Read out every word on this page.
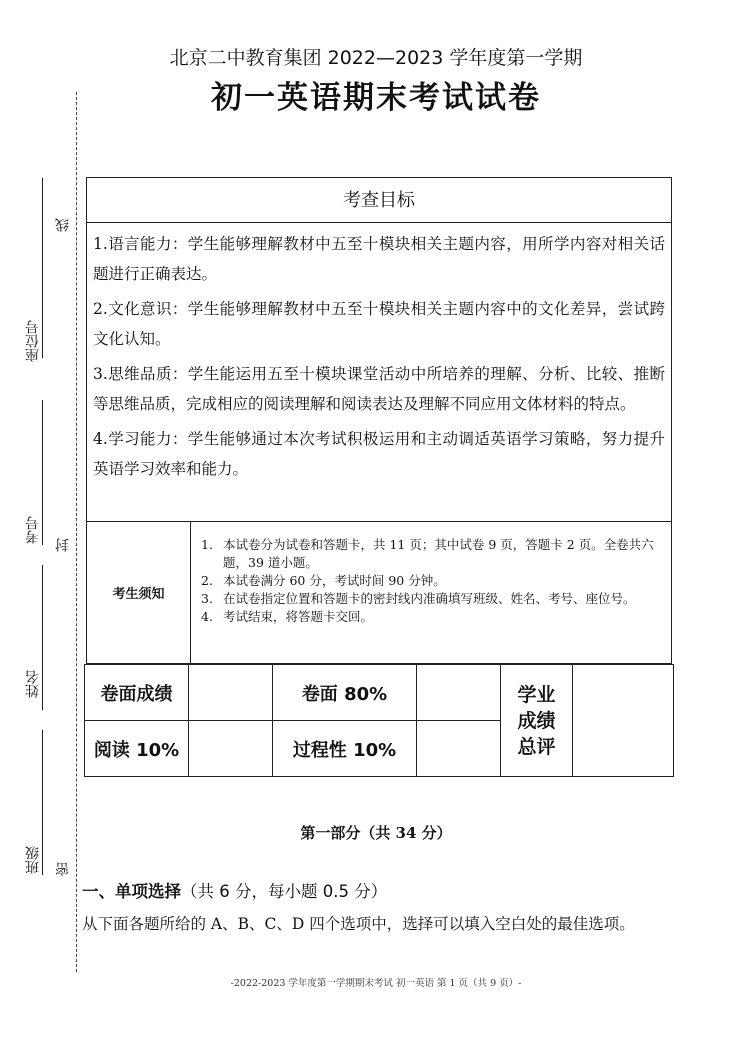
座位号
考号
姓名
班级
线
封
密
北京二中教育集团 2022—2023 学年度第一学期
初一英语期末考试试卷
考查目标
1.语言能力：学生能够理解教材中五至十模块相关主题内容，用所学内容对相关话题进行正确表达。
2.文化意识：学生能够理解教材中五至十模块相关主题内容中的文化差异，尝试跨文化认知。
3.思维品质：学生能运用五至十模块课堂活动中所培养的理解、分析、比较、推断等思维品质，完成相应的阅读理解和阅读表达及理解不同应用文体材料的特点。
4.学习能力：学生能够通过本次考试积极运用和主动调适英语学习策略，努力提升英语学习效率和能力。
考生须知
1. 本试卷分为试卷和答题卡，共 11 页；其中试卷 9 页，答题卡 2 页。全卷共六题，39 道小题。
2. 本试卷满分 60 分，考试时间 90 分钟。
3. 在试卷指定位置和答题卡的密封线内准确填写班级、姓名、考号、座位号。
4. 考试结束，将答题卡交回。
卷面成绩		卷面 80%		学业
成绩
总评	

阅读 10%		过程性 10%			
第一部分（共 34 分）
一、单项选择（共 6 分，每小题 0.5 分）
从下面各题所给的 A、B、C、D 四个选项中，选择可以填入空白处的最佳选项。
-2022-2023 学年度第一学期期末考试 初一英语 第 1 页（共 9 页）-
